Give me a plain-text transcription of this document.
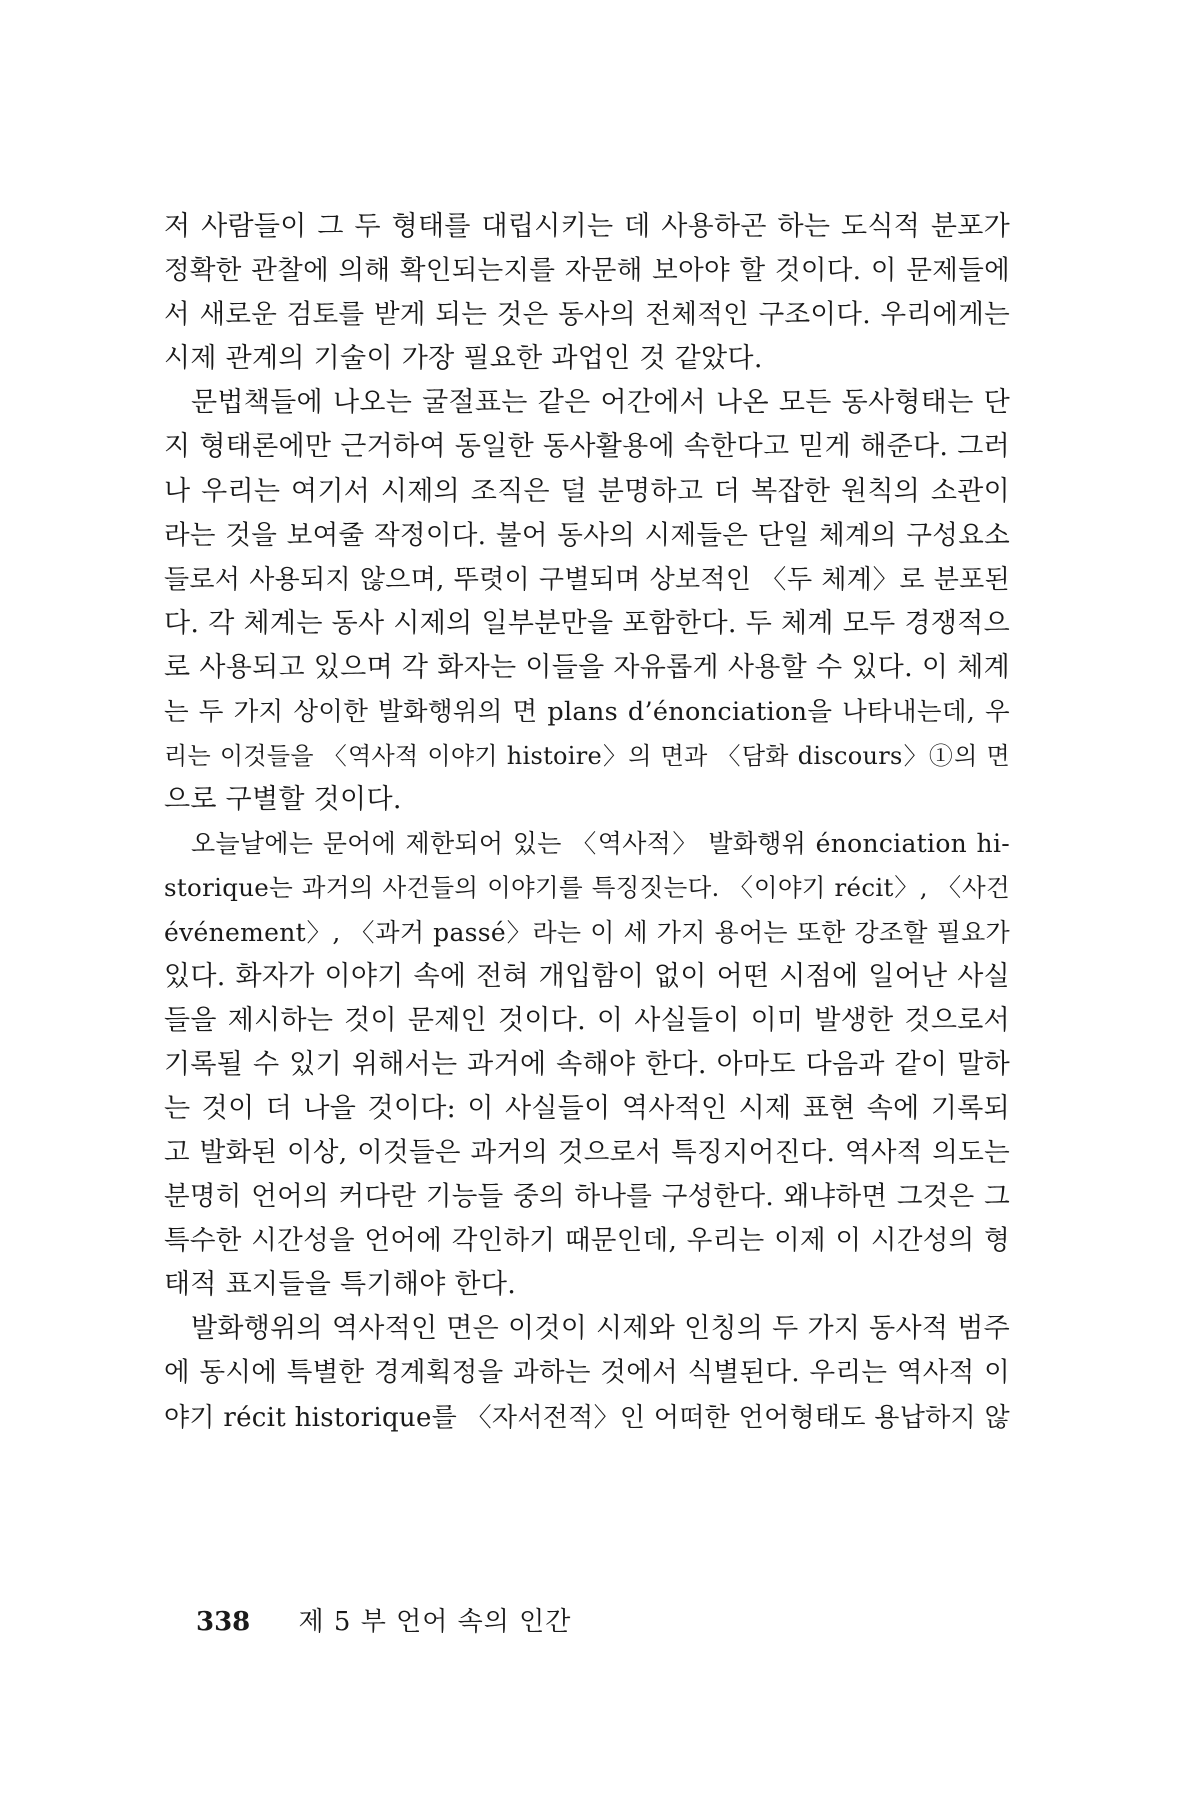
저 사람들이 그 두 형태를 대립시키는 데 사용하곤 하는 도식적 분포가
정확한 관찰에 의해 확인되는지를 자문해 보아야 할 것이다. 이 문제들에
서 새로운 검토를 받게 되는 것은 동사의 전체적인 구조이다. 우리에게는
시제 관계의 기술이 가장 필요한 과업인 것 같았다.
문법책들에 나오는 굴절표는 같은 어간에서 나온 모든 동사형태는 단
지 형태론에만 근거하여 동일한 동사활용에 속한다고 믿게 해준다. 그러
나 우리는 여기서 시제의 조직은 덜 분명하고 더 복잡한 원칙의 소관이
라는 것을 보여줄 작정이다. 불어 동사의 시제들은 단일 체계의 구성요소
들로서 사용되지 않으며, 뚜렷이 구별되며 상보적인 〈두 체계〉로 분포된
다. 각 체계는 동사 시제의 일부분만을 포함한다. 두 체계 모두 경쟁적으
로 사용되고 있으며 각 화자는 이들을 자유롭게 사용할 수 있다. 이 체계
는 두 가지 상이한 발화행위의 면 plans d’énonciation을 나타내는데, 우
리는 이것들을 〈역사적 이야기 histoire〉의 면과 〈담화 discours〉①의 면
으로 구별할 것이다.
오늘날에는 문어에 제한되어 있는 〈역사적〉 발화행위 énonciation hi-
storique는 과거의 사건들의 이야기를 특징짓는다. 〈이야기 récit〉, 〈사건
événement〉, 〈과거 passé〉라는 이 세 가지 용어는 또한 강조할 필요가
있다. 화자가 이야기 속에 전혀 개입함이 없이 어떤 시점에 일어난 사실
들을 제시하는 것이 문제인 것이다. 이 사실들이 이미 발생한 것으로서
기록될 수 있기 위해서는 과거에 속해야 한다. 아마도 다음과 같이 말하
는 것이 더 나을 것이다: 이 사실들이 역사적인 시제 표현 속에 기록되
고 발화된 이상, 이것들은 과거의 것으로서 특징지어진다. 역사적 의도는
분명히 언어의 커다란 기능들 중의 하나를 구성한다. 왜냐하면 그것은 그
특수한 시간성을 언어에 각인하기 때문인데, 우리는 이제 이 시간성의 형
태적 표지들을 특기해야 한다.
발화행위의 역사적인 면은 이것이 시제와 인칭의 두 가지 동사적 범주
에 동시에 특별한 경계획정을 과하는 것에서 식별된다. 우리는 역사적 이
야기 récit historique를 〈자서전적〉인 어떠한 언어형태도 용납하지 않
338 제 5 부 언어 속의 인간
